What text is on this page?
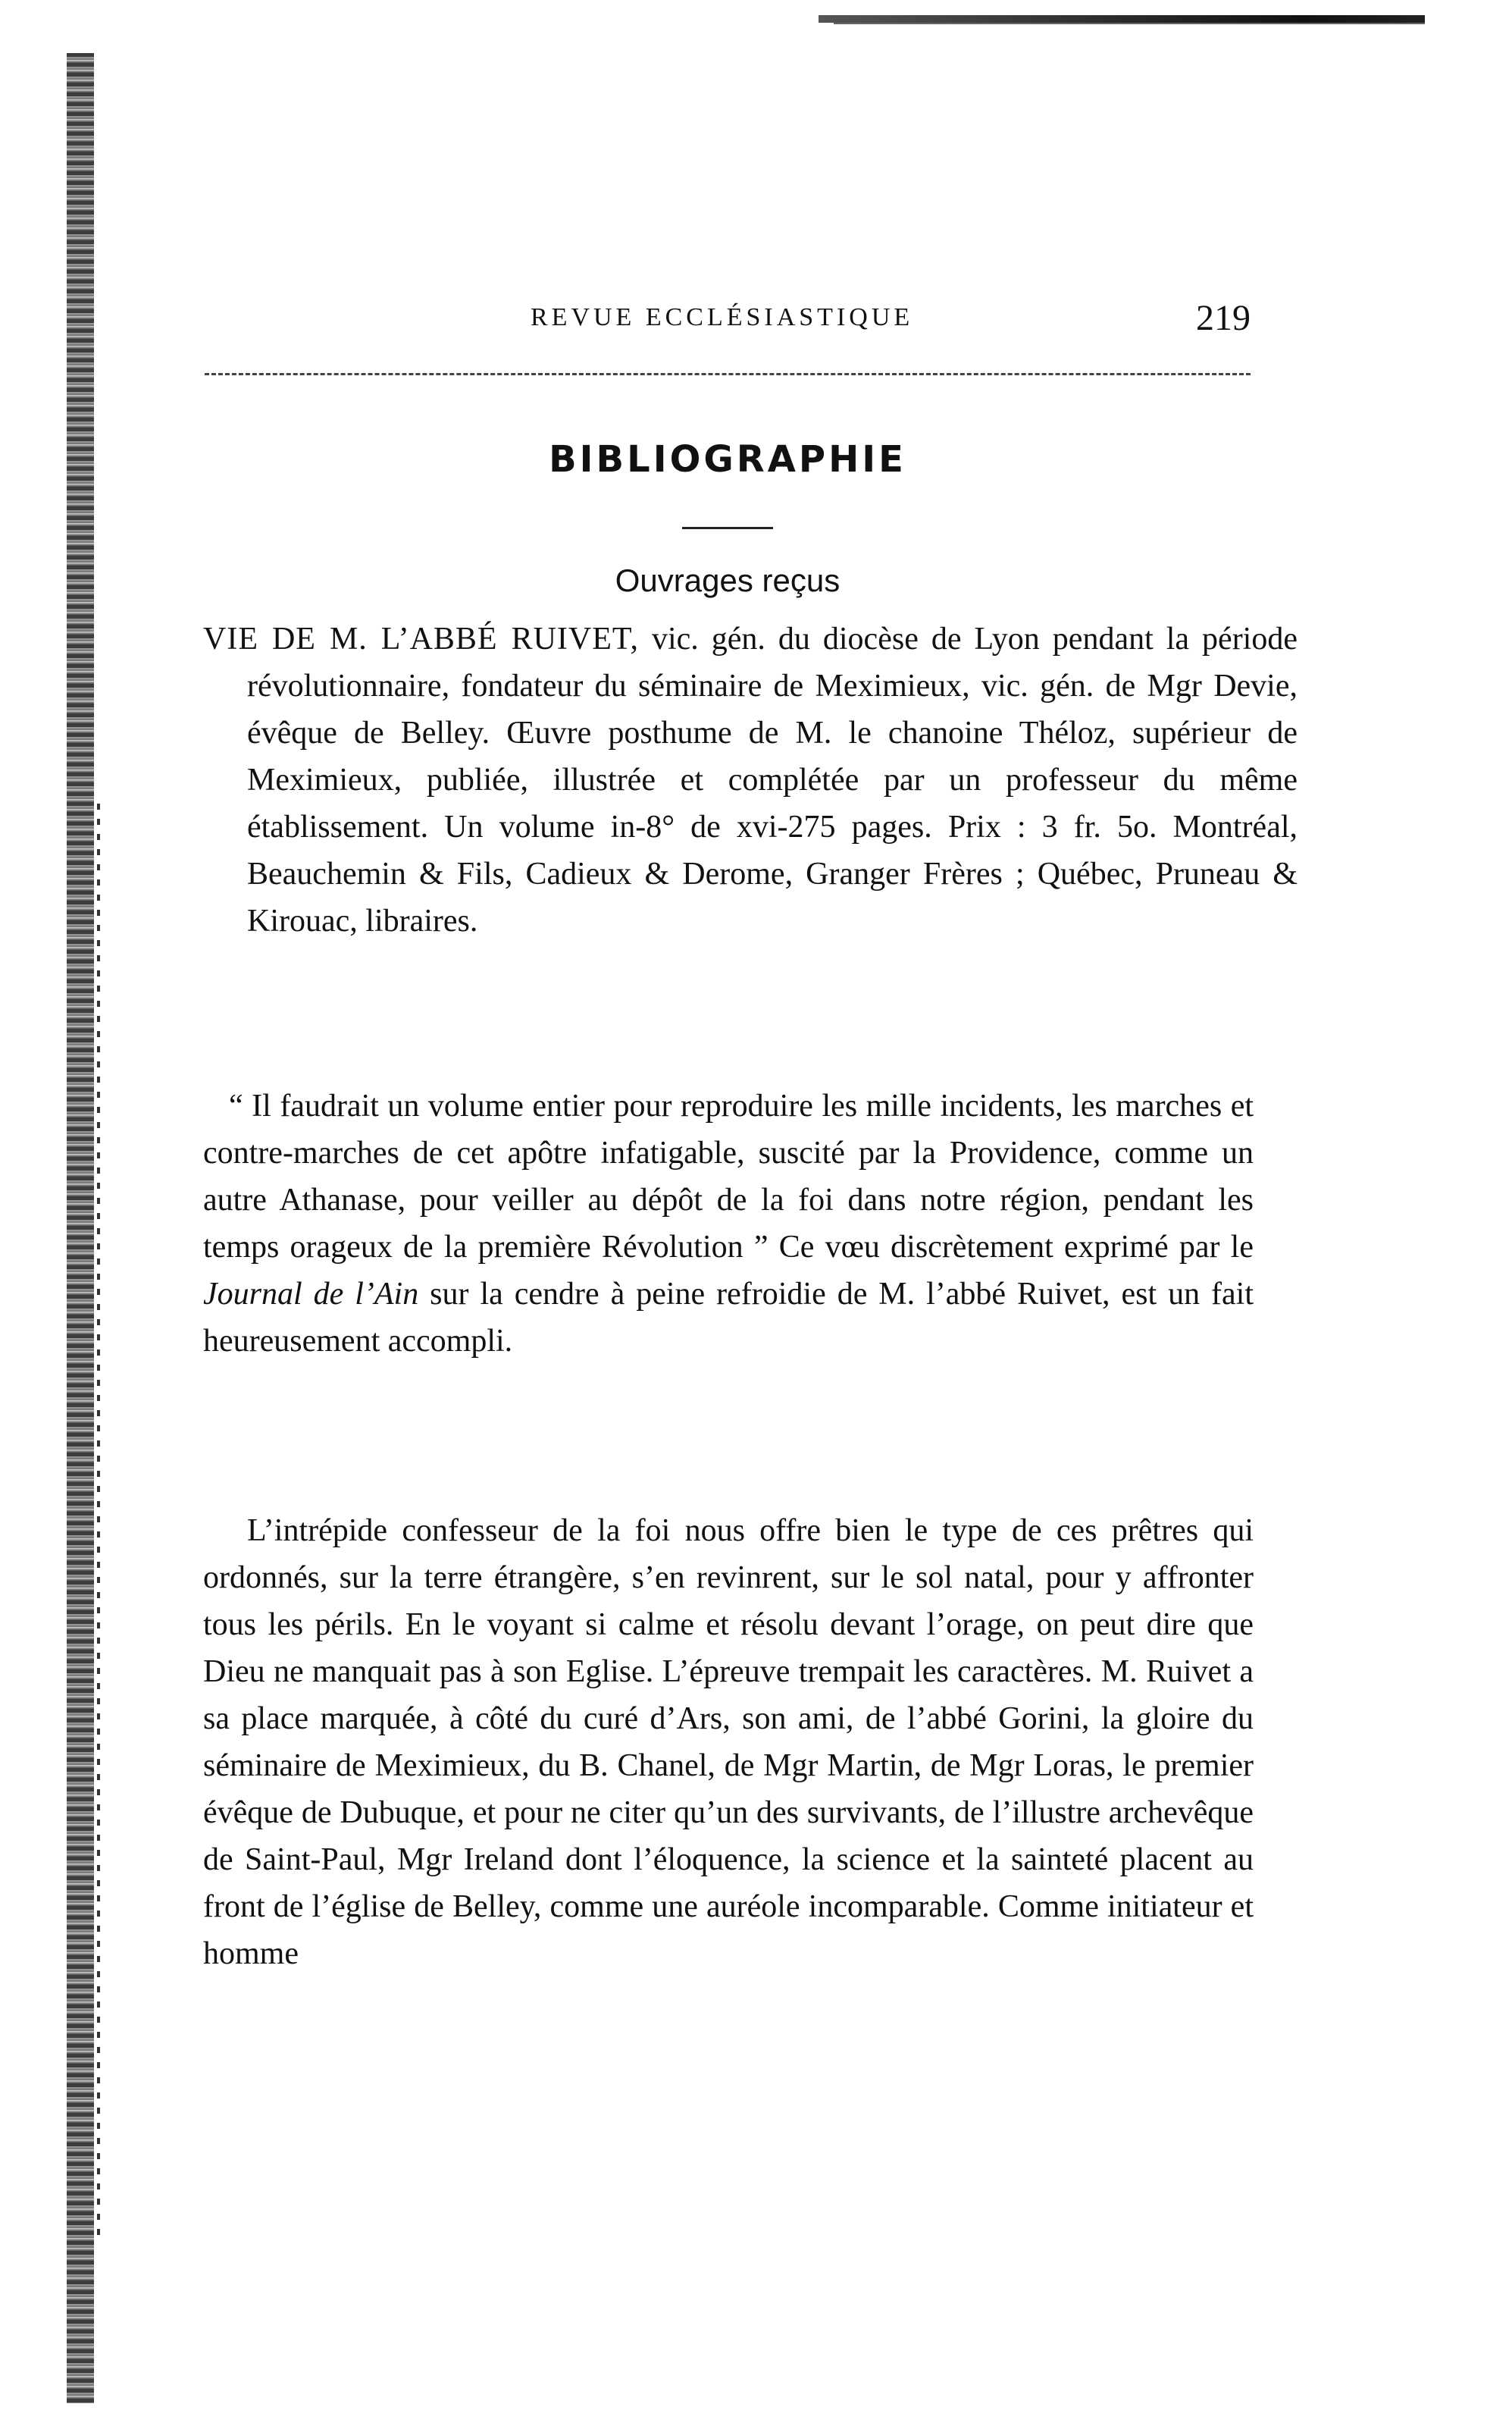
REVUE ECCLÉSIASTIQUE	219
BIBLIOGRAPHIE
Ouvrages reçus

VIE DE M. L’ABBÉ RUIVET, vic. gén. du diocèse de Lyon pendant la période révolutionnaire, fondateur du séminaire de Meximieux, vic. gén. de Mgr Devie, évêque de Belley. Œuvre posthume de M. le chanoine Théloz, supérieur de Meximieux, publiée, illustrée et complétée par un professeur du même établissement. Un volume in-8° de xvi-275 pages. Prix : 3 fr. 5o. Montréal, Beauchemin & Fils, Cadieux & Derome, Granger Frères ; Québec, Pruneau & Kirouac, libraires.

“ Il faudrait un volume entier pour reproduire les mille incidents, les marches et contre-marches de cet apôtre infatigable, suscité par la Providence, comme un autre Athanase, pour veiller au dépôt de la foi dans notre région, pendant les temps orageux de la première Révolution ” Ce vœu discrètement exprimé par le Journal de l’Ain sur la cendre à peine refroidie de M. l’abbé Ruivet, est un fait heureusement accompli.

L’intrépide confesseur de la foi nous offre bien le type de ces prêtres qui ordonnés, sur la terre étrangère, s’en revinrent, sur le sol natal, pour y affronter tous les périls. En le voyant si calme et résolu devant l’orage, on peut dire que Dieu ne manquait pas à son Eglise. L’épreuve trempait les caractères. M. Ruivet a sa place marquée, à côté du curé d’Ars, son ami, de l’abbé Gorini, la gloire du séminaire de Meximieux, du B. Chanel, de Mgr Martin, de Mgr Loras, le premier évêque de Dubuque, et pour ne citer qu’un des survivants, de l’illustre archevêque de Saint-Paul, Mgr Ireland dont l’éloquence, la science et la sainteté placent au front de l’église de Belley, comme une auréole incomparable. Comme initiateur et homme
